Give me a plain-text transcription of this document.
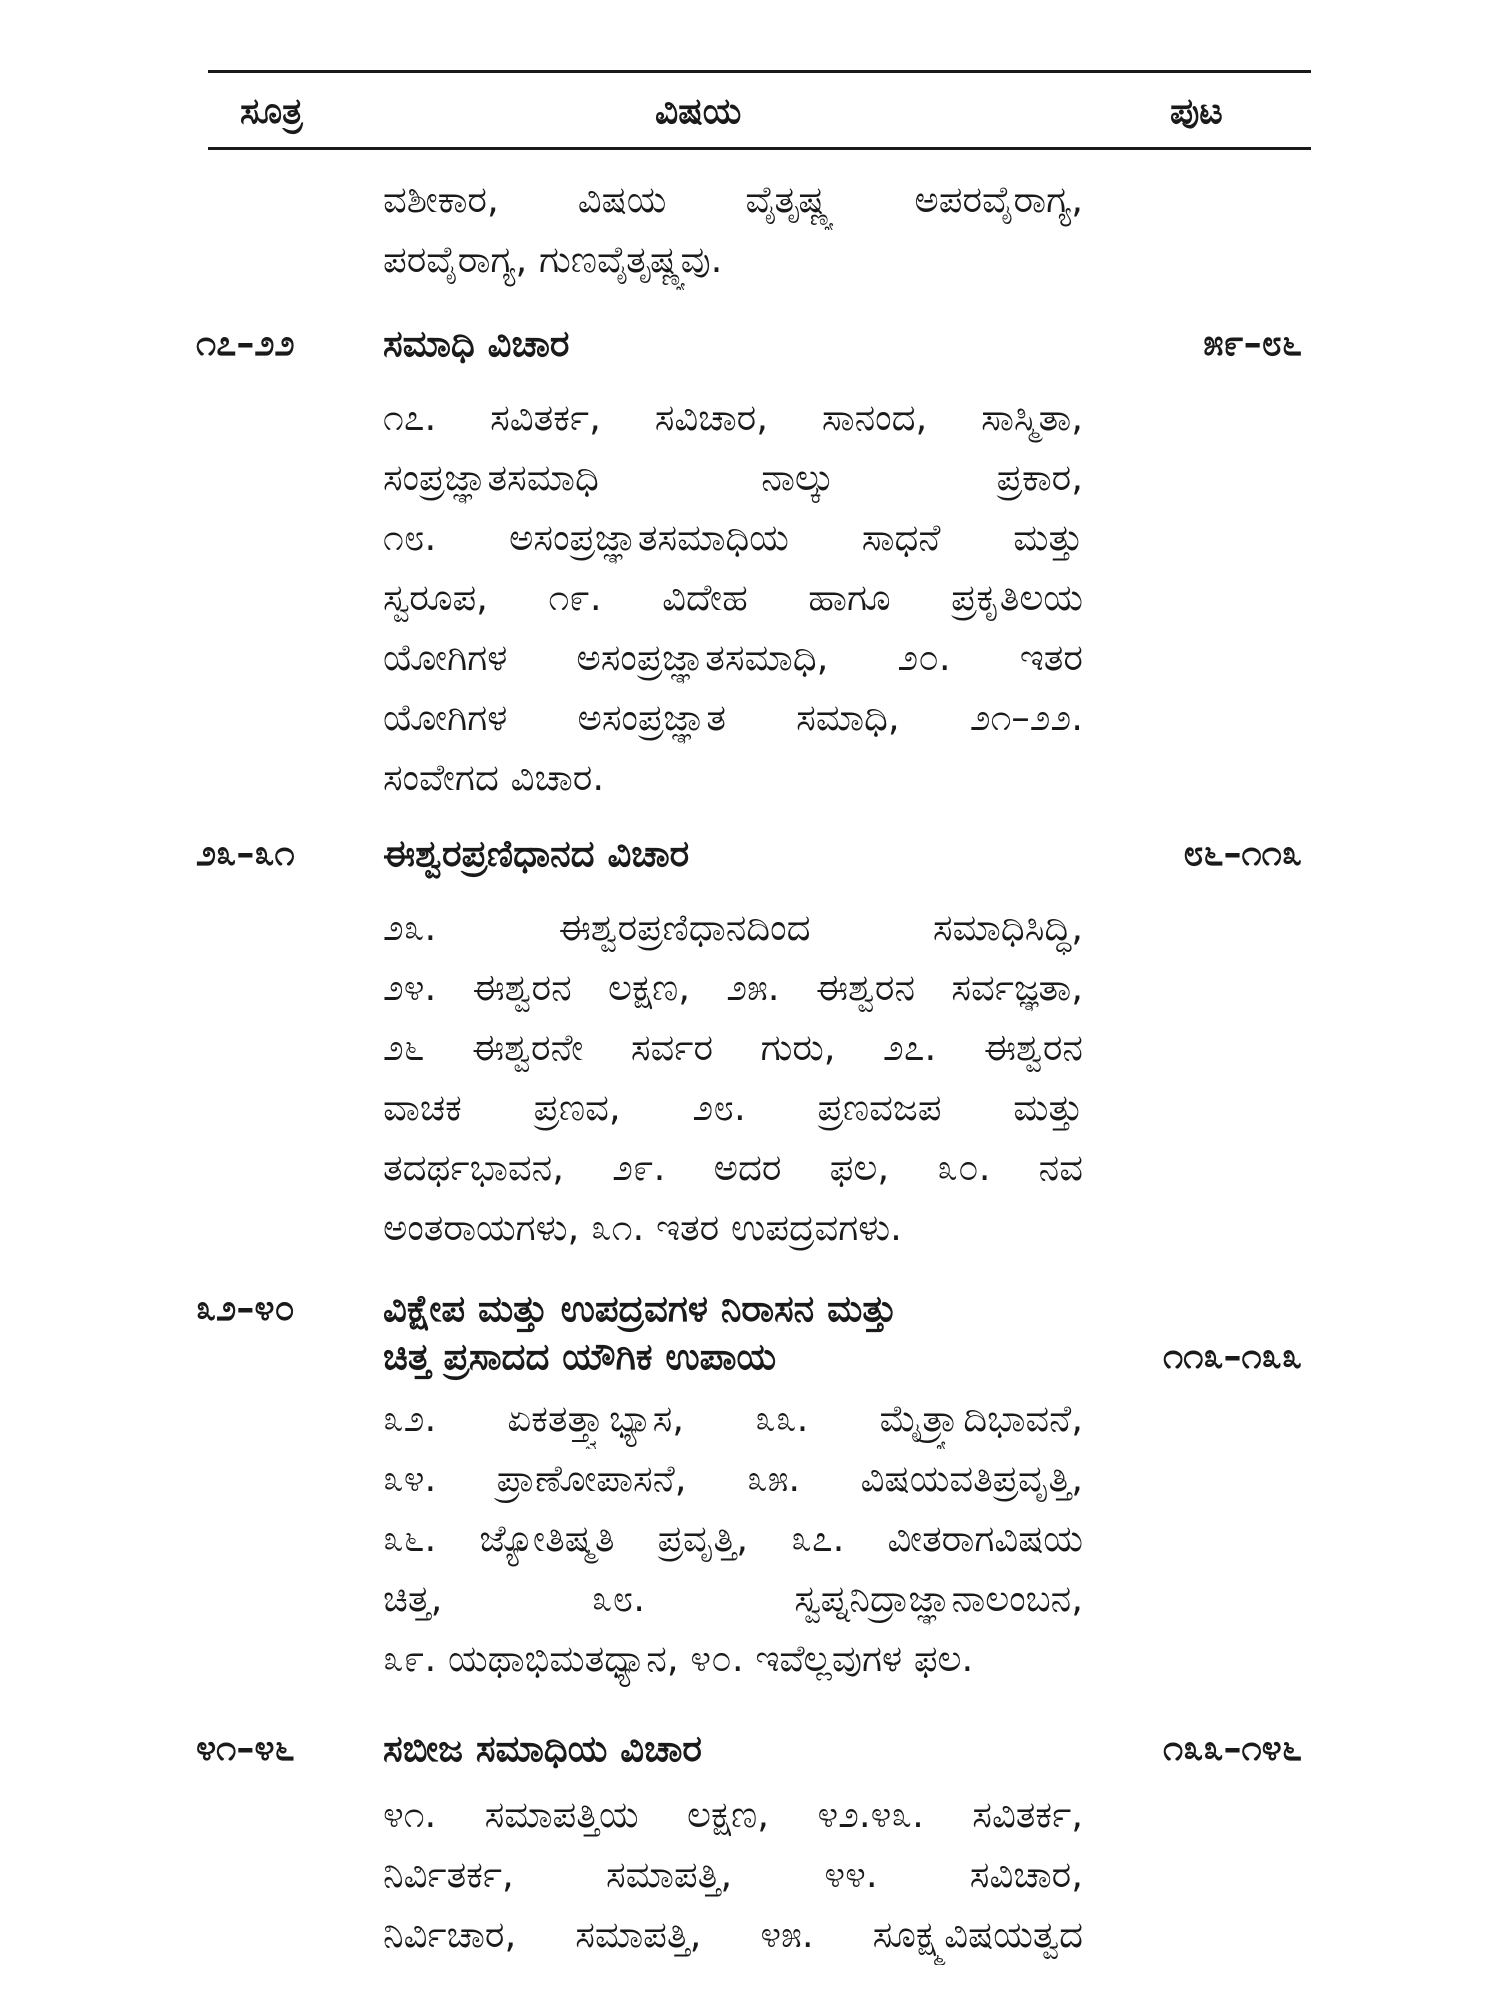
ಸೂತ್ರ	ವಿಷಯ	ಪುಟ
ವಶೀಕಾರ, ವಿಷಯ ವೈತೃಷ್ಣ್ಯ ಅಪರವೈರಾಗ್ಯ,
ಪರವೈರಾಗ್ಯ, ಗುಣವೈತೃಷ್ಣ್ಯವು.
೧೭–೨೨ ಸಮಾಧಿ ವಿಚಾರ	೫೯–೮೬
೧೭. ಸವಿತರ್ಕ, ಸವಿಚಾರ, ಸಾನಂದ, ಸಾಸ್ಮಿತಾ,
ಸಂಪ್ರಜ್ಞಾತಸಮಾಧಿ ನಾಲ್ಕು ಪ್ರಕಾರ,
೧೮. ಅಸಂಪ್ರಜ್ಞಾತಸಮಾಧಿಯ ಸಾಧನೆ ಮತ್ತು
ಸ್ವರೂಪ, ೧೯. ವಿದೇಹ ಹಾಗೂ ಪ್ರಕೃತಿಲಯ
ಯೋಗಿಗಳ ಅಸಂಪ್ರಜ್ಞಾತಸಮಾಧಿ, ೨೦. ಇತರ
ಯೋಗಿಗಳ ಅಸಂಪ್ರಜ್ಞಾತ ಸಮಾಧಿ, ೨೧–೨೨.
ಸಂವೇಗದ ವಿಚಾರ.
೨೩–೩೧ ಈಶ್ವರಪ್ರಣಿಧಾನದ ವಿಚಾರ	೮೬–೧೧೩
೨೩. ಈಶ್ವರಪ್ರಣಿಧಾನದಿಂದ ಸಮಾಧಿಸಿದ್ಧಿ,
೨೪. ಈಶ್ವರನ ಲಕ್ಷಣ, ೨೫. ಈಶ್ವರನ ಸರ್ವಜ್ಞತಾ,
೨೬ ಈಶ್ವರನೇ ಸರ್ವರ ಗುರು, ೨೭. ಈಶ್ವರನ
ವಾಚಕ ಪ್ರಣವ, ೨೮. ಪ್ರಣವಜಪ ಮತ್ತು
ತದರ್ಥಭಾವನ, ೨೯. ಅದರ ಫಲ, ೩೦. ನವ
ಅಂತರಾಯಗಳು, ೩೧. ಇತರ ಉಪದ್ರವಗಳು.
೩೨–೪೦ ವಿಕ್ಷೇಪ ಮತ್ತು ಉಪದ್ರವಗಳ ನಿರಾಸನ ಮತ್ತು
ಚಿತ್ತ ಪ್ರಸಾದದ ಯೌಗಿಕ ಉಪಾಯ	೧೧೩–೧೩೩
೩೨. ಏಕತತ್ತ್ವಾಭ್ಯಾಸ, ೩೩. ಮೈತ್ರ್ಯಾದಿಭಾವನೆ,
೩೪. ಪ್ರಾಣೋಪಾಸನೆ, ೩೫. ವಿಷಯವತಿಪ್ರವೃತ್ತಿ,
೩೬. ಜ್ಯೋತಿಷ್ಮತಿ ಪ್ರವೃತ್ತಿ, ೩೭. ವೀತರಾಗವಿಷಯ
ಚಿತ್ತ, ೩೮. ಸ್ವಪ್ನನಿದ್ರಾಜ್ಞಾನಾಲಂಬನ,
೩೯. ಯಥಾಭಿಮತಧ್ಯಾನ, ೪೦. ಇವೆಲ್ಲವುಗಳ ಫಲ.
೪೧–೪೬ ಸಬೀಜ ಸಮಾಧಿಯ ವಿಚಾರ	೧೩೩–೧೪೬
೪೧. ಸಮಾಪತ್ತಿಯ ಲಕ್ಷಣ, ೪೨.೪೩. ಸವಿತರ್ಕ,
ನಿರ್ವಿತರ್ಕ, ಸಮಾಪತ್ತಿ, ೪೪. ಸವಿಚಾರ,
ನಿರ್ವಿಚಾರ, ಸಮಾಪತ್ತಿ, ೪೫. ಸೂಕ್ಷ್ಮವಿಷಯತ್ವದ
